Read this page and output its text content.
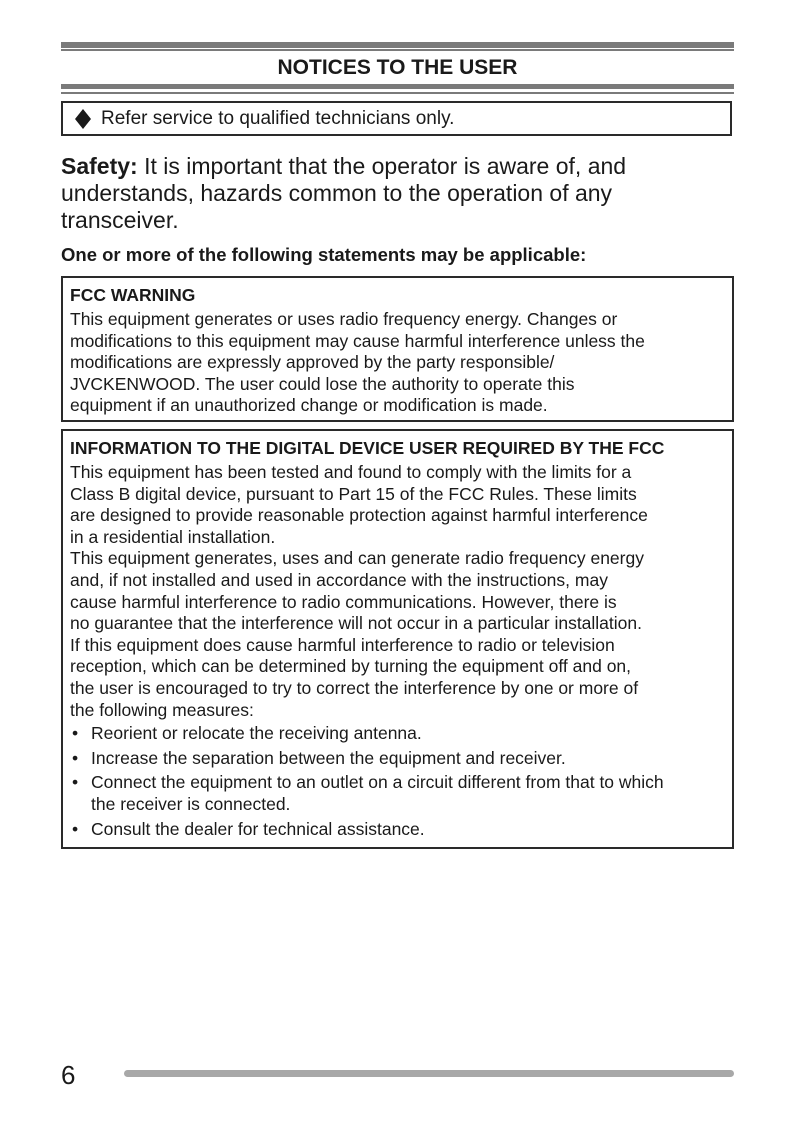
NOTICES TO THE USER
Refer service to qualified technicians only.
Safety: It is important that the operator is aware of, and understands, hazards common to the operation of any transceiver.
One or more of the following statements may be applicable:
FCC WARNING
This equipment generates or uses radio frequency energy. Changes or
modifications to this equipment may cause harmful interference unless the
modifications are expressly approved by the party responsible/
JVCKENWOOD. The user could lose the authority to operate this
equipment if an unauthorized change or modification is made.
INFORMATION TO THE DIGITAL DEVICE USER REQUIRED BY THE FCC
This equipment has been tested and found to comply with the limits for a
Class B digital device, pursuant to Part 15 of the FCC Rules. These limits
are designed to provide reasonable protection against harmful interference
in a residential installation.
This equipment generates, uses and can generate radio frequency energy
and, if not installed and used in accordance with the instructions, may
cause harmful interference to radio communications. However, there is
no guarantee that the interference will not occur in a particular installation.
If this equipment does cause harmful interference to radio or television
reception, which can be determined by turning the equipment off and on,
the user is encouraged to try to correct the interference by one or more of
the following measures:
• Reorient or relocate the receiving antenna.
• Increase the separation between the equipment and receiver.
• Connect the equipment to an outlet on a circuit different from that to which the receiver is connected.
• Consult the dealer for technical assistance.
6
